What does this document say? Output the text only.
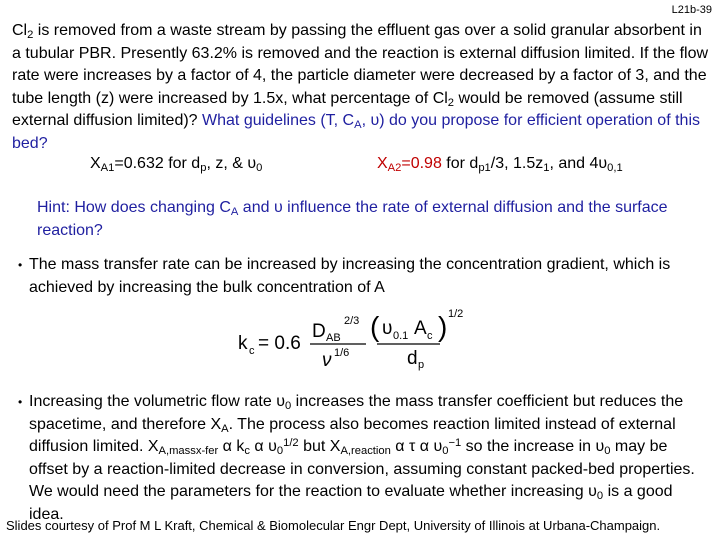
L21b-39
$Cl_2$ is removed from a waste stream by passing the effluent gas over a solid granular absorbent in a tubular PBR. Presently 63.2% is removed and the reaction is external diffusion limited. If the flow rate were increases by a factor of 4, the particle diameter were decreased by a factor of 3, and the tube length (z) were increased by 1.5x, what percentage of $Cl_2$ would be removed (assume still external diffusion limited)? What guidelines (T, $C_A$, υ) do you propose for efficient operation of this bed?
$X_{A1}=0.632$ for $d_p$, z, & $\upsilon_0$	$X_{A2}=0.98$ for $d_{p1}/3$, $1.5z_1$, and $4\upsilon_{0,1}$
Hint: How does changing $C_A$ and υ influence the rate of external diffusion and the surface reaction?
• The mass transfer rate can be increased by increasing the concentration gradient, which is achieved by increasing the bulk concentration of A
k c = 0.6
D AB
2/3
ν 1/6
( υ 0.1 A c
d p
) 1/2
• Increasing the volumetric flow rate $\upsilon_0$ increases the mass transfer coefficient but reduces the spacetime, and therefore $X_A$. The process also becomes reaction limited instead of external diffusion limited. $X_{A,massx-fer}$ α $k_c$ α $\upsilon_0^{1/2}$ but $X_{A,reaction}$ α τ α $\upsilon_0^{-1}$ so the increase in $\upsilon_0$ may be offset by a reaction-limited decrease in conversion, assuming constant packed-bed properties. We would need the parameters for the reaction to evaluate whether increasing $\upsilon_0$ is a good idea.
Slides courtesy of Prof M L Kraft, Chemical & Biomolecular Engr Dept, University of Illinois at Urbana-Champaign.
